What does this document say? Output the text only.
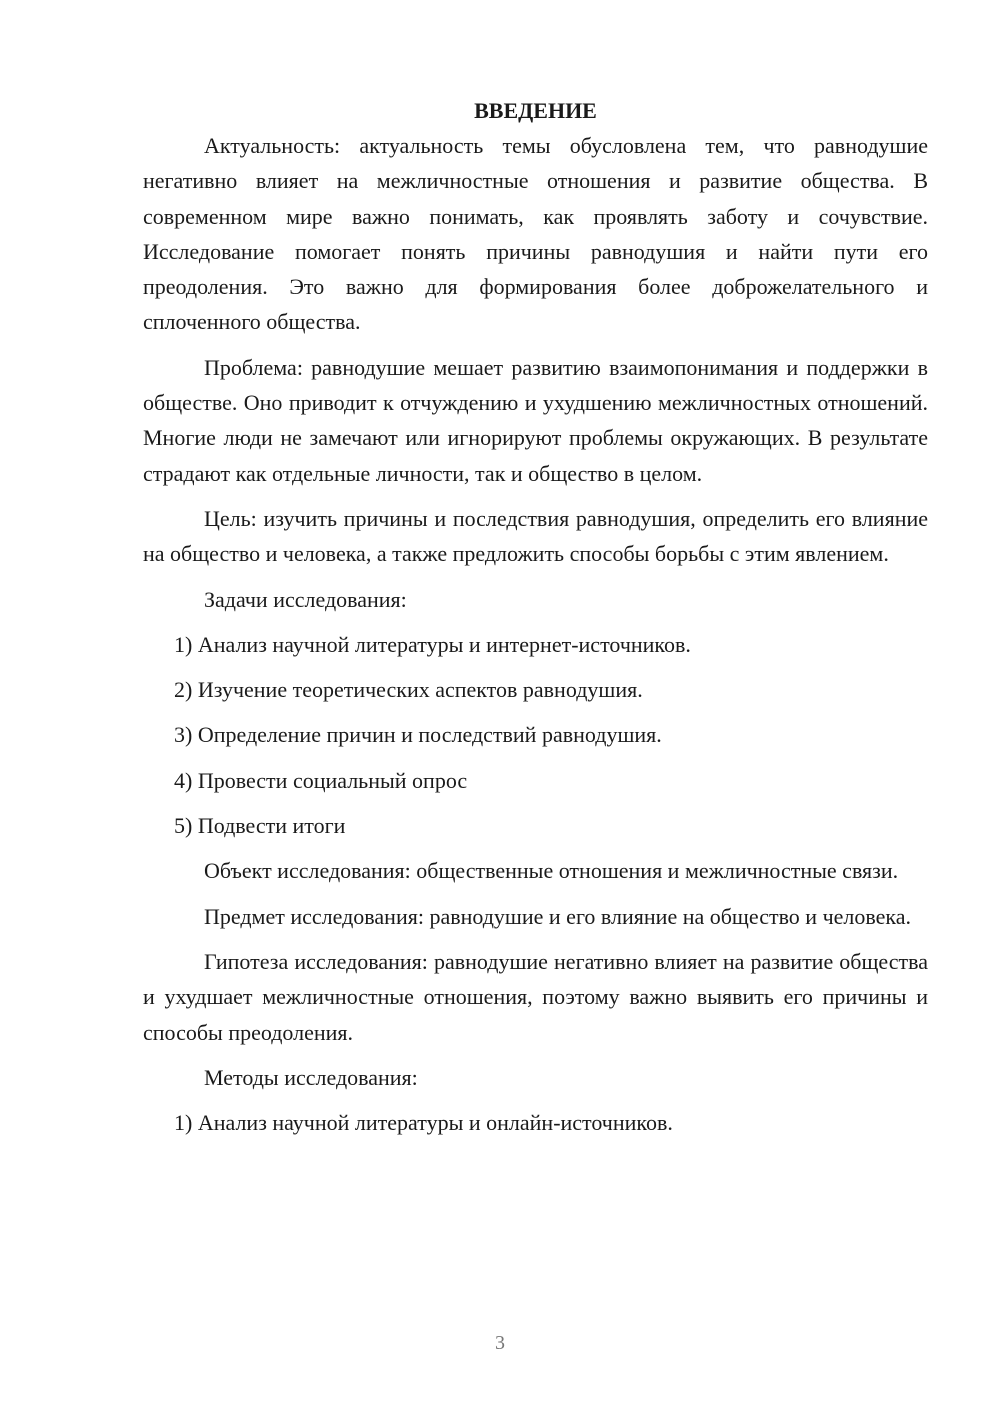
ВВЕДЕНИЕ

Актуальность: актуальность темы обусловлена тем, что равнодушие негативно влияет на межличностные отношения и развитие общества. В современном мире важно понимать, как проявлять заботу и сочувствие. Исследование помогает понять причины равнодушия и найти пути его преодоления. Это важно для формирования более доброжелательного и сплоченного общества.

Проблема: равнодушие мешает развитию взаимопонимания и поддержки в обществе. Оно приводит к отчуждению и ухудшению межличностных отношений. Многие люди не замечают или игнорируют проблемы окружающих. В результате страдают как отдельные личности, так и общество в целом.

Цель: изучить причины и последствия равнодушия, определить его влияние на общество и человека, а также предложить способы борьбы с этим явлением.

Задачи исследования:

1) Анализ научной литературы и интернет-источников.

2) Изучение теоретических аспектов равнодушия.

3) Определение причин и последствий равнодушия.

4) Провести социальный опрос

5) Подвести итоги

Объект исследования: общественные отношения и межличностные связи.

Предмет исследования: равнодушие и его влияние на общество и человека.

Гипотеза исследования: равнодушие негативно влияет на развитие общества и ухудшает межличностные отношения, поэтому важно выявить его причины и способы преодоления.

Методы исследования:

1) Анализ научной литературы и онлайн-источников.

3
